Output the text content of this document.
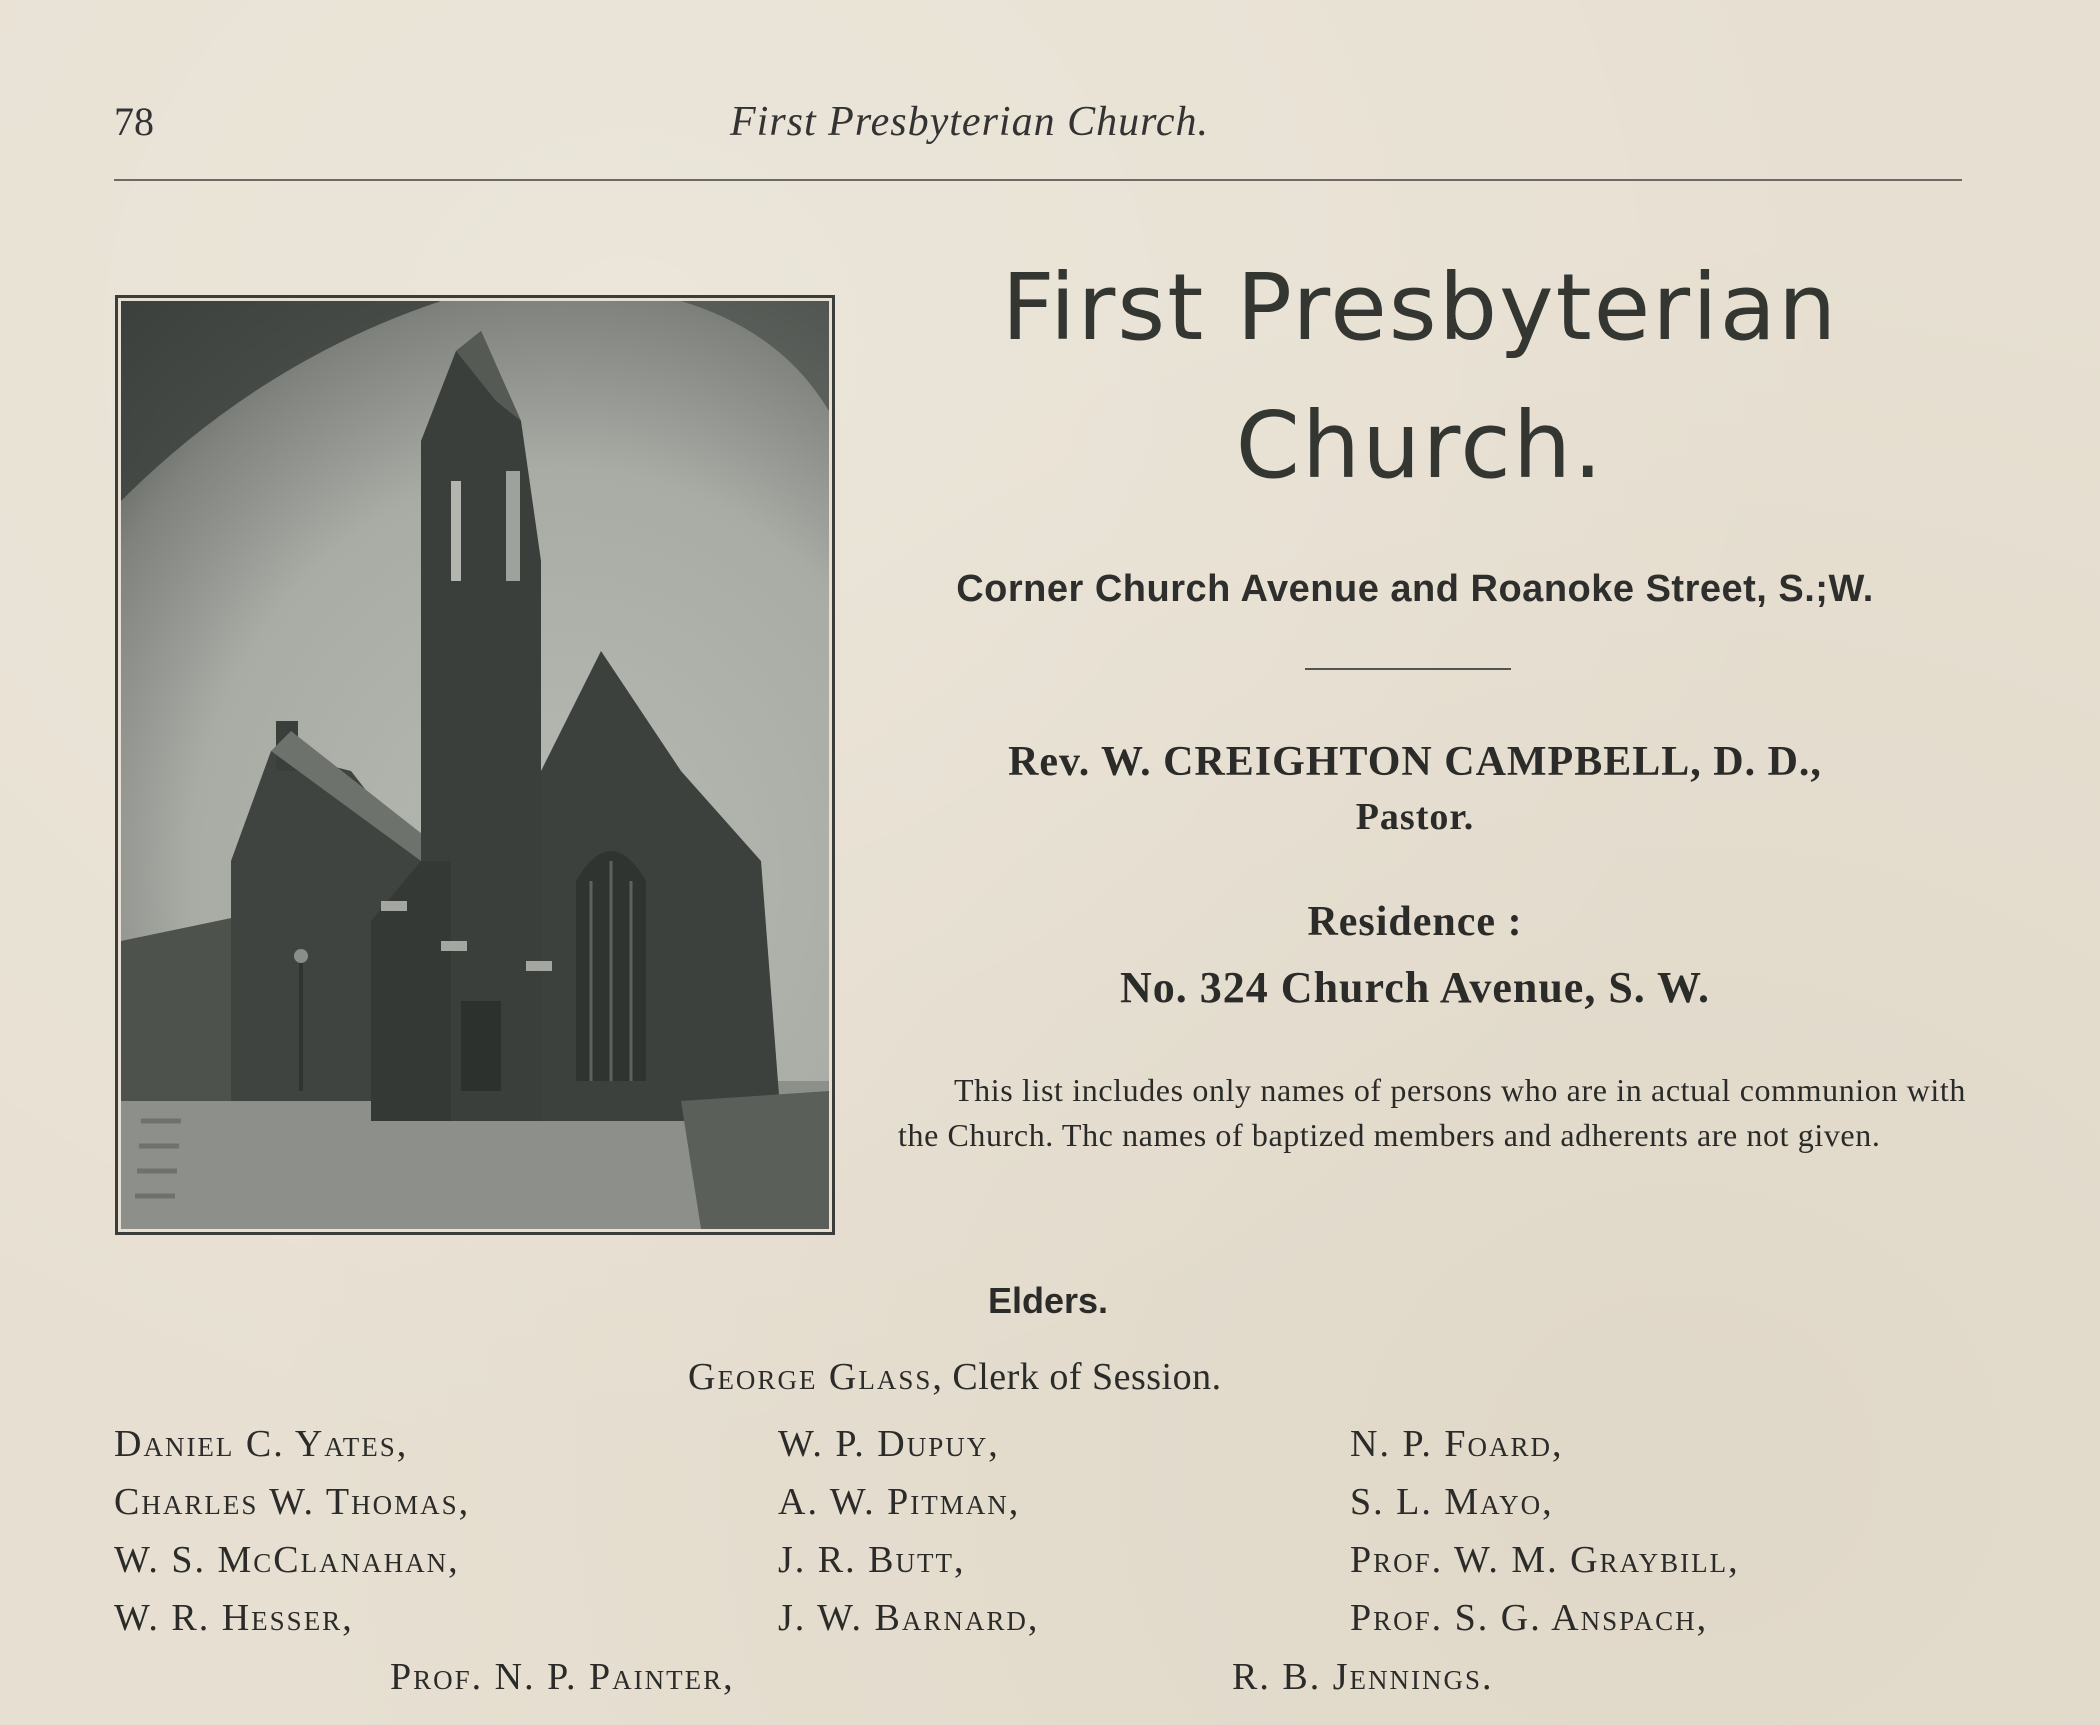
78	First Presbyterian Church.
First Presbyterian
Church.
Corner Church Avenue and Roanoke Street, S.;W.
Rev. W. CREIGHTON CAMPBELL, D. D.,
Pastor.
Residence :
No. 324 Church Avenue, S. W.
This list includes only names of persons who are in actual communion with the Church. Thc names of baptized members and adherents are not given.
Elders.
George Glass, Clerk of Session.
Daniel C. Yates,
Charles W. Thomas,
W. S. McClanahan,
W. R. Hesser,
W. P. Dupuy,
A. W. Pitman,
J. R. Butt,
J. W. Barnard,
N. P. Foard,
S. L. Mayo,
Prof. W. M. Graybill,
Prof. S. G. Anspach,
Prof. N. P. Painter,	R. B. Jennings.
